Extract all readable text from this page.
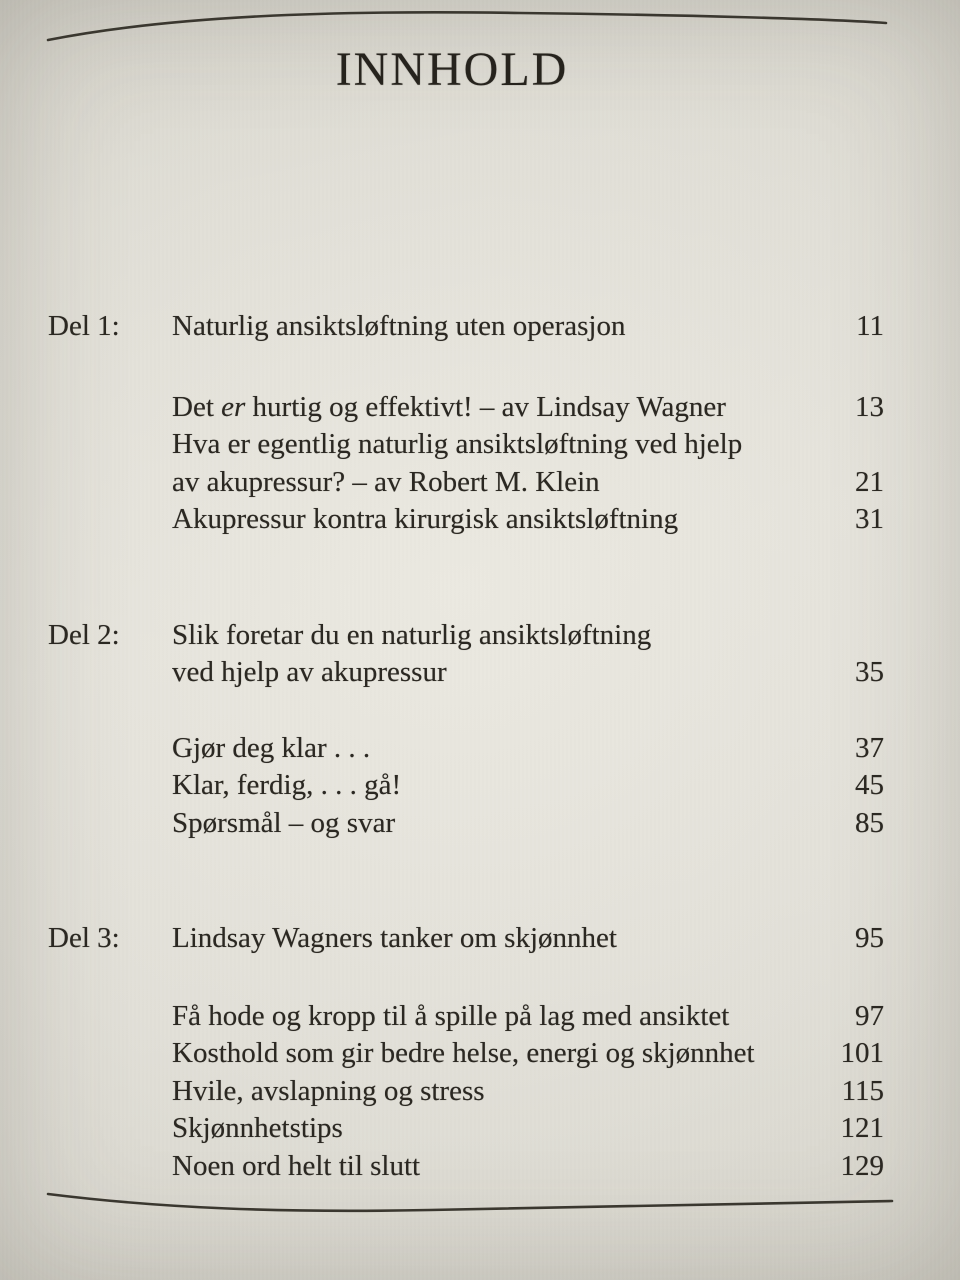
INNHOLD
Del 1:	Naturlig ansiktsløftning uten operasjon	11
Det er hurtig og effektivt! – av Lindsay Wagner	13
Hva er egentlig naturlig ansiktsløftning ved hjelp
av akupressur? – av Robert M. Klein	21
Akupressur kontra kirurgisk ansiktsløftning	31
Del 2:	Slik foretar du en naturlig ansiktsløftning
ved hjelp av akupressur	35
Gjør deg klar . . .	37
Klar, ferdig, . . . gå!	45
Spørsmål – og svar	85
Del 3:	Lindsay Wagners tanker om skjønnhet	95
Få hode og kropp til å spille på lag med ansiktet	97
Kosthold som gir bedre helse, energi og skjønnhet	101
Hvile, avslapning og stress	115
Skjønnhetstips	121
Noen ord helt til slutt	129
